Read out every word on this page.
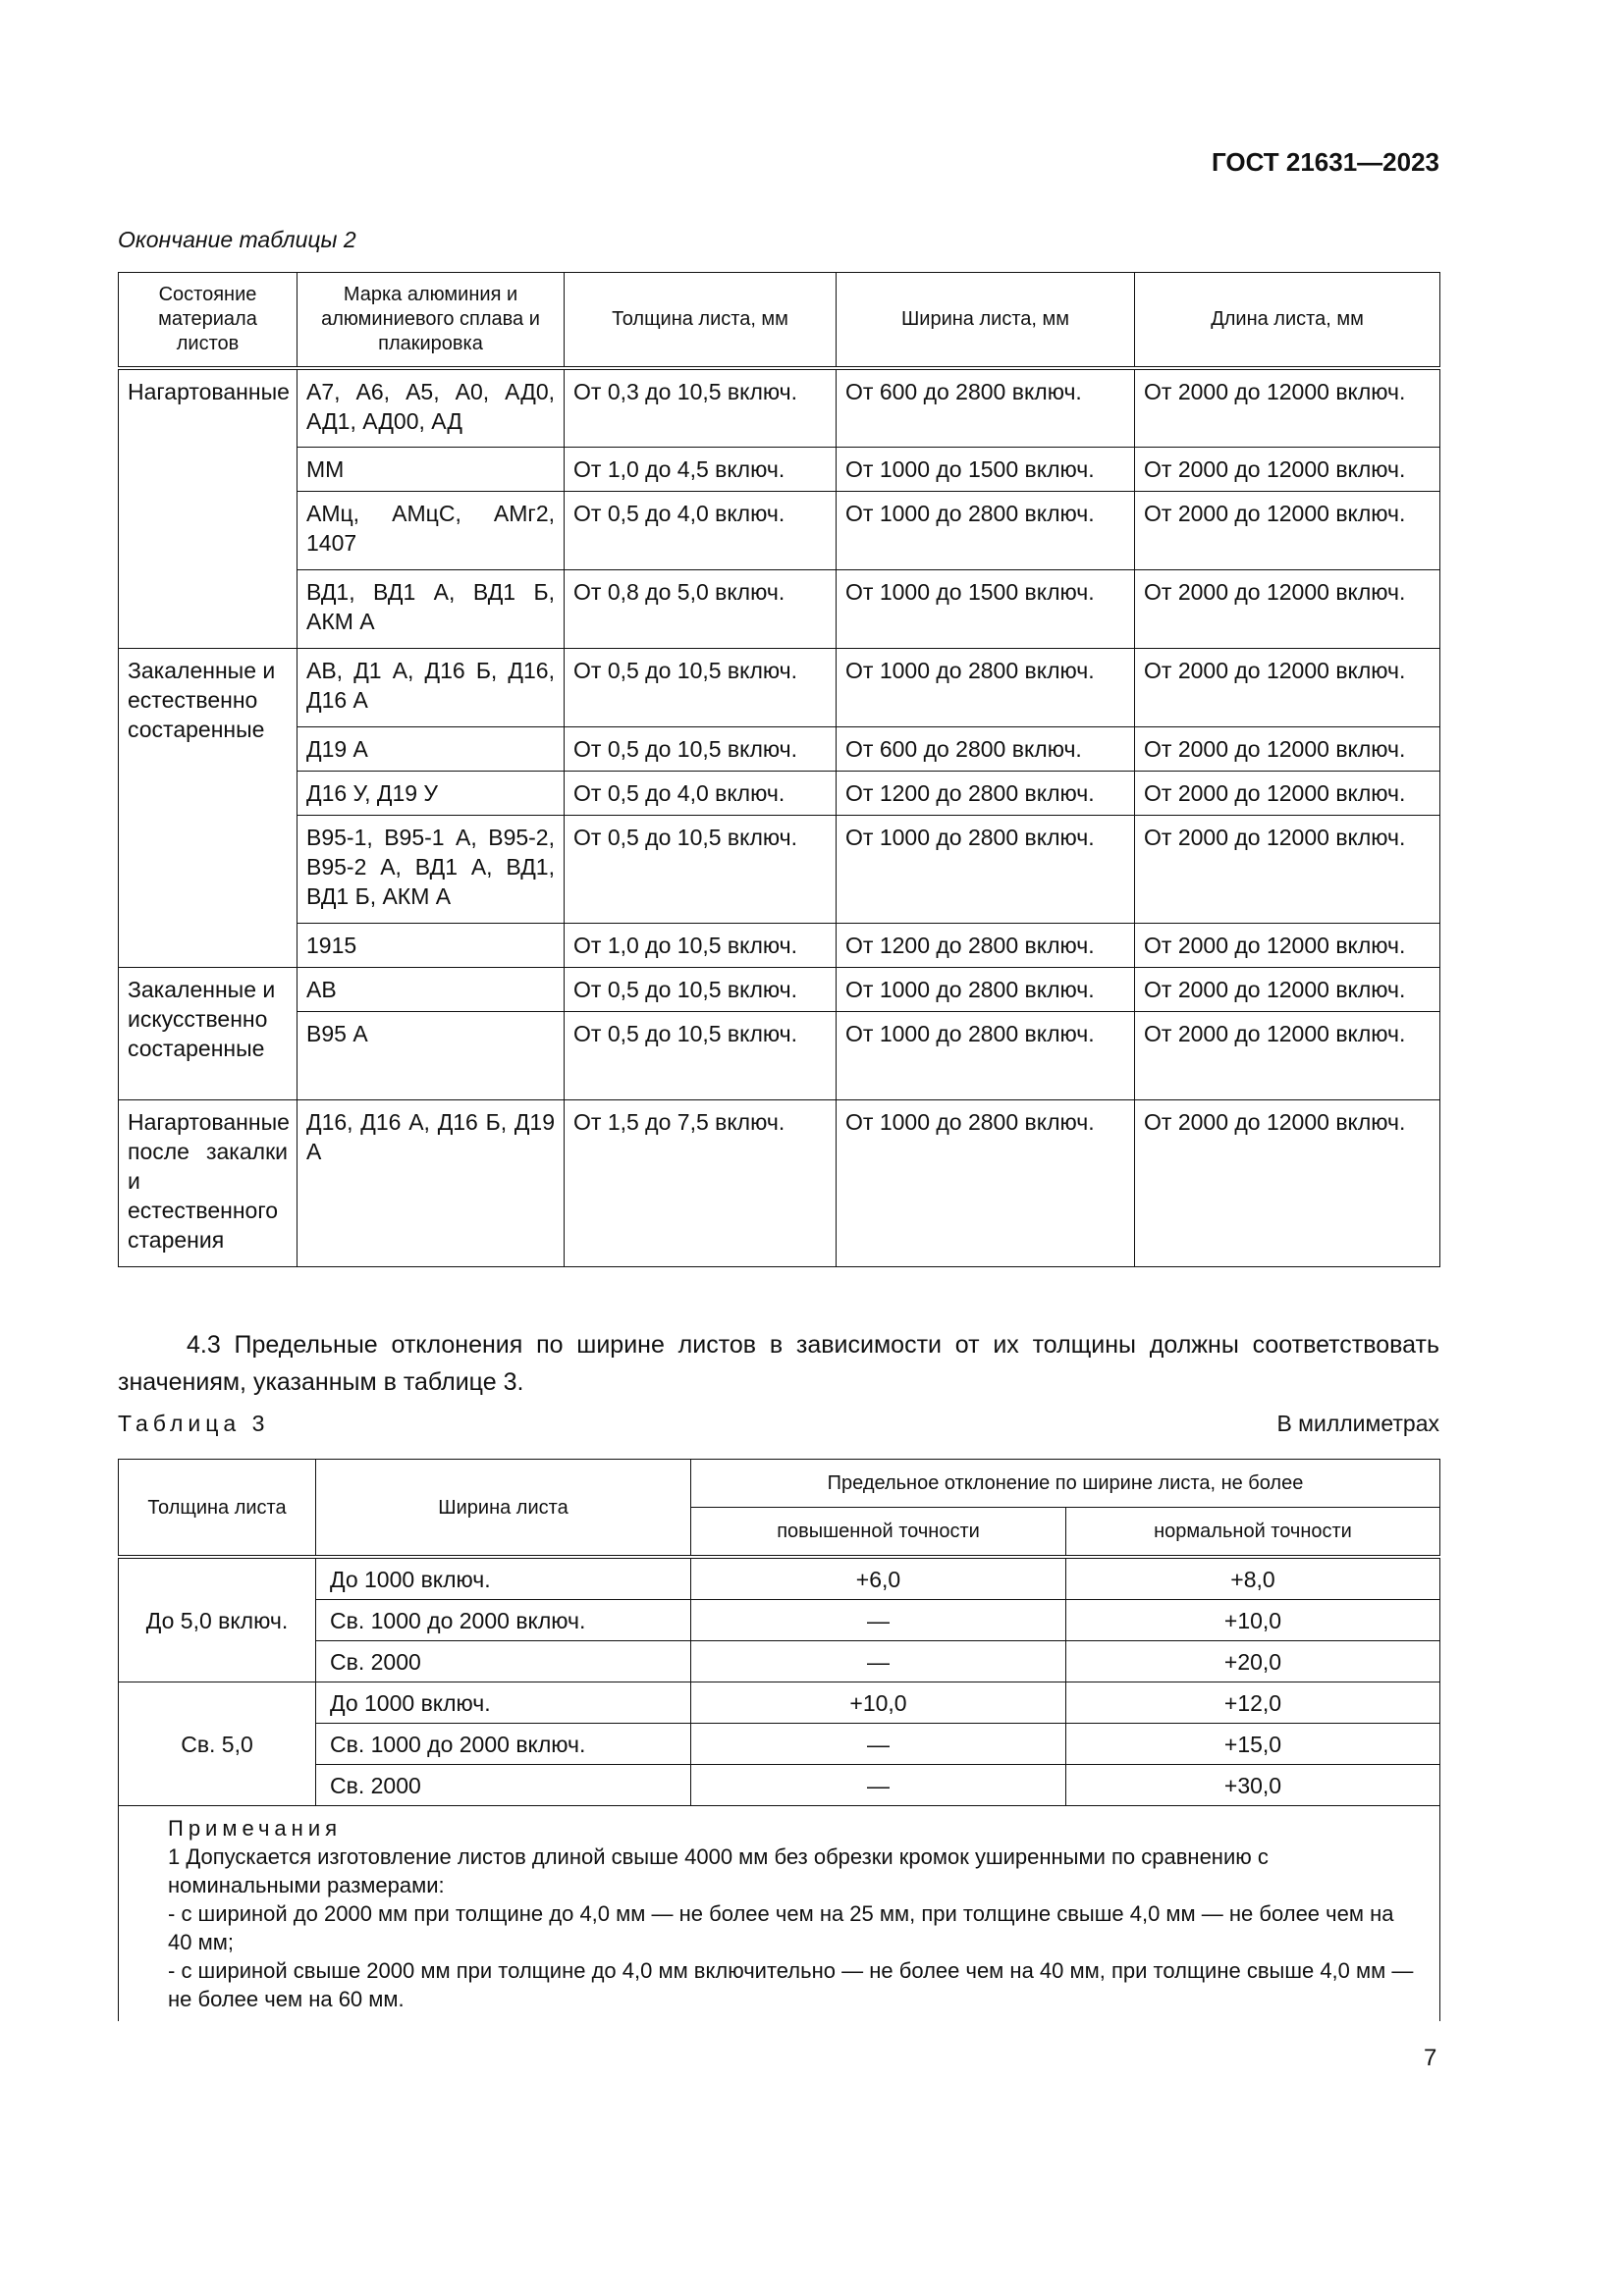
ГОСТ 21631—2023
Окончание таблицы 2
Состояние материала листов	Марка алюминия и алюминиевого сплава и плакировка	Толщина листа, мм	Ширина листа, мм	Длина листа, мм
Нагартованные	А7, А6, А5, А0, АД0, АД1, АД00, АД	От 0,3 до 10,5 включ.	От 600 до 2800 включ.	От 2000 до 12000 включ.
	ММ	От 1,0 до 4,5 включ.	От 1000 до 1500 включ.	От 2000 до 12000 включ.
	АМц, АМцС, АМг2, 1407	От 0,5 до 4,0 включ.	От 1000 до 2800 включ.	От 2000 до 12000 включ.
	ВД1, ВД1 А, ВД1 Б, АКМ А	От 0,8 до 5,0 включ.	От 1000 до 1500 включ.	От 2000 до 12000 включ.
Закаленные и естественно состаренные	АВ, Д1 А, Д16 Б, Д16, Д16 А	От 0,5 до 10,5 включ.	От 1000 до 2800 включ.	От 2000 до 12000 включ.
	Д19 А	От 0,5 до 10,5 включ.	От 600 до 2800 включ.	От 2000 до 12000 включ.
	Д16 У, Д19 У	От 0,5 до 4,0 включ.	От 1200 до 2800 включ.	От 2000 до 12000 включ.
	В95-1, В95-1 А, В95-2, В95-2 А, ВД1 А, ВД1, ВД1 Б, АКМ А	От 0,5 до 10,5 включ.	От 1000 до 2800 включ.	От 2000 до 12000 включ.
	1915	От 1,0 до 10,5 включ.	От 1200 до 2800 включ.	От 2000 до 12000 включ.
Закаленные и искусственно состаренные	АВ	От 0,5 до 10,5 включ.	От 1000 до 2800 включ.	От 2000 до 12000 включ.
	В95 А	От 0,5 до 10,5 включ.	От 1000 до 2800 включ.	От 2000 до 12000 включ.
Нагартованные после закалки и естественного старения	Д16, Д16 А, Д16 Б, Д19 А	От 1,5 до 7,5 включ.	От 1000 до 2800 включ.	От 2000 до 12000 включ.
4.3 Предельные отклонения по ширине листов в зависимости от их толщины должны соответствовать значениям, указанным в таблице 3.
Таблица 3	В миллиметрах
Толщина листа	Ширина листа	Предельное отклонение по ширине листа, не более	
		повышенной точности	нормальной точности
До 5,0 включ.	До 1000 включ.	+6,0	+8,0
	Св. 1000 до 2000 включ.	—	+10,0
	Св. 2000	—	+20,0
Св. 5,0	До 1000 включ.	+10,0	+12,0
	Св. 1000 до 2000 включ.	—	+15,0
	Св. 2000	—	+30,0

Примечания
1 Допускается изготовление листов длиной свыше 4000 мм без обрезки кромок уширенными по сравнению с номинальными размерами:
- с шириной до 2000 мм при толщине до 4,0 мм — не более чем на 25 мм, при толщине свыше 4,0 мм — не более чем на 40 мм;
- с шириной свыше 2000 мм при толщине до 4,0 мм включительно — не более чем на 40 мм, при толщине свыше 4,0 мм — не более чем на 60 мм.			
7
